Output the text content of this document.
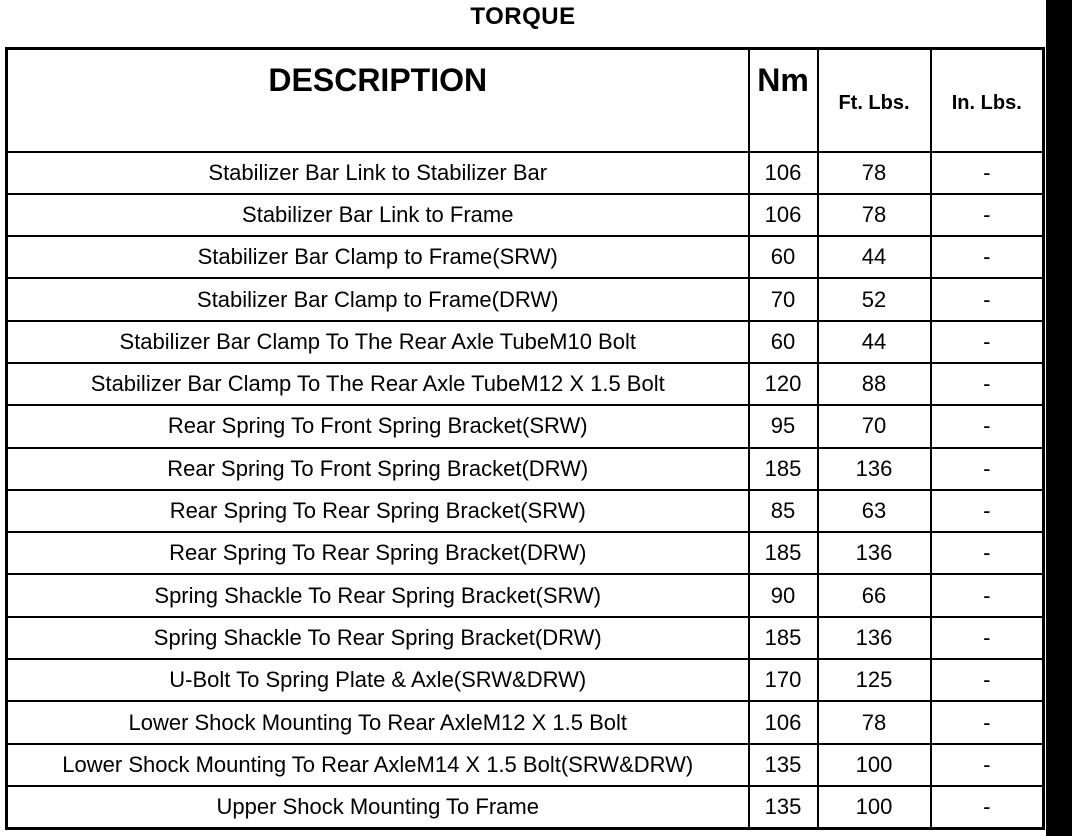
TORQUE
DESCRIPTION	Nm	Ft. Lbs.	In. Lbs.
Stabilizer Bar Link to Stabilizer Bar	106	78	-
Stabilizer Bar Link to Frame	106	78	-
Stabilizer Bar Clamp to Frame(SRW)	60	44	-
Stabilizer Bar Clamp to Frame(DRW)	70	52	-
Stabilizer Bar Clamp To The Rear Axle TubeM10 Bolt	60	44	-
Stabilizer Bar Clamp To The Rear Axle TubeM12 X 1.5 Bolt	120	88	-
Rear Spring To Front Spring Bracket(SRW)	95	70	-
Rear Spring To Front Spring Bracket(DRW)	185	136	-
Rear Spring To Rear Spring Bracket(SRW)	85	63	-
Rear Spring To Rear Spring Bracket(DRW)	185	136	-
Spring Shackle To Rear Spring Bracket(SRW)	90	66	-
Spring Shackle To Rear Spring Bracket(DRW)	185	136	-
U-Bolt To Spring Plate & Axle(SRW&DRW)	170	125	-
Lower Shock Mounting To Rear AxleM12 X 1.5 Bolt	106	78	-
Lower Shock Mounting To Rear AxleM14 X 1.5 Bolt(SRW&DRW)	135	100	-
Upper Shock Mounting To Frame	135	100	-
